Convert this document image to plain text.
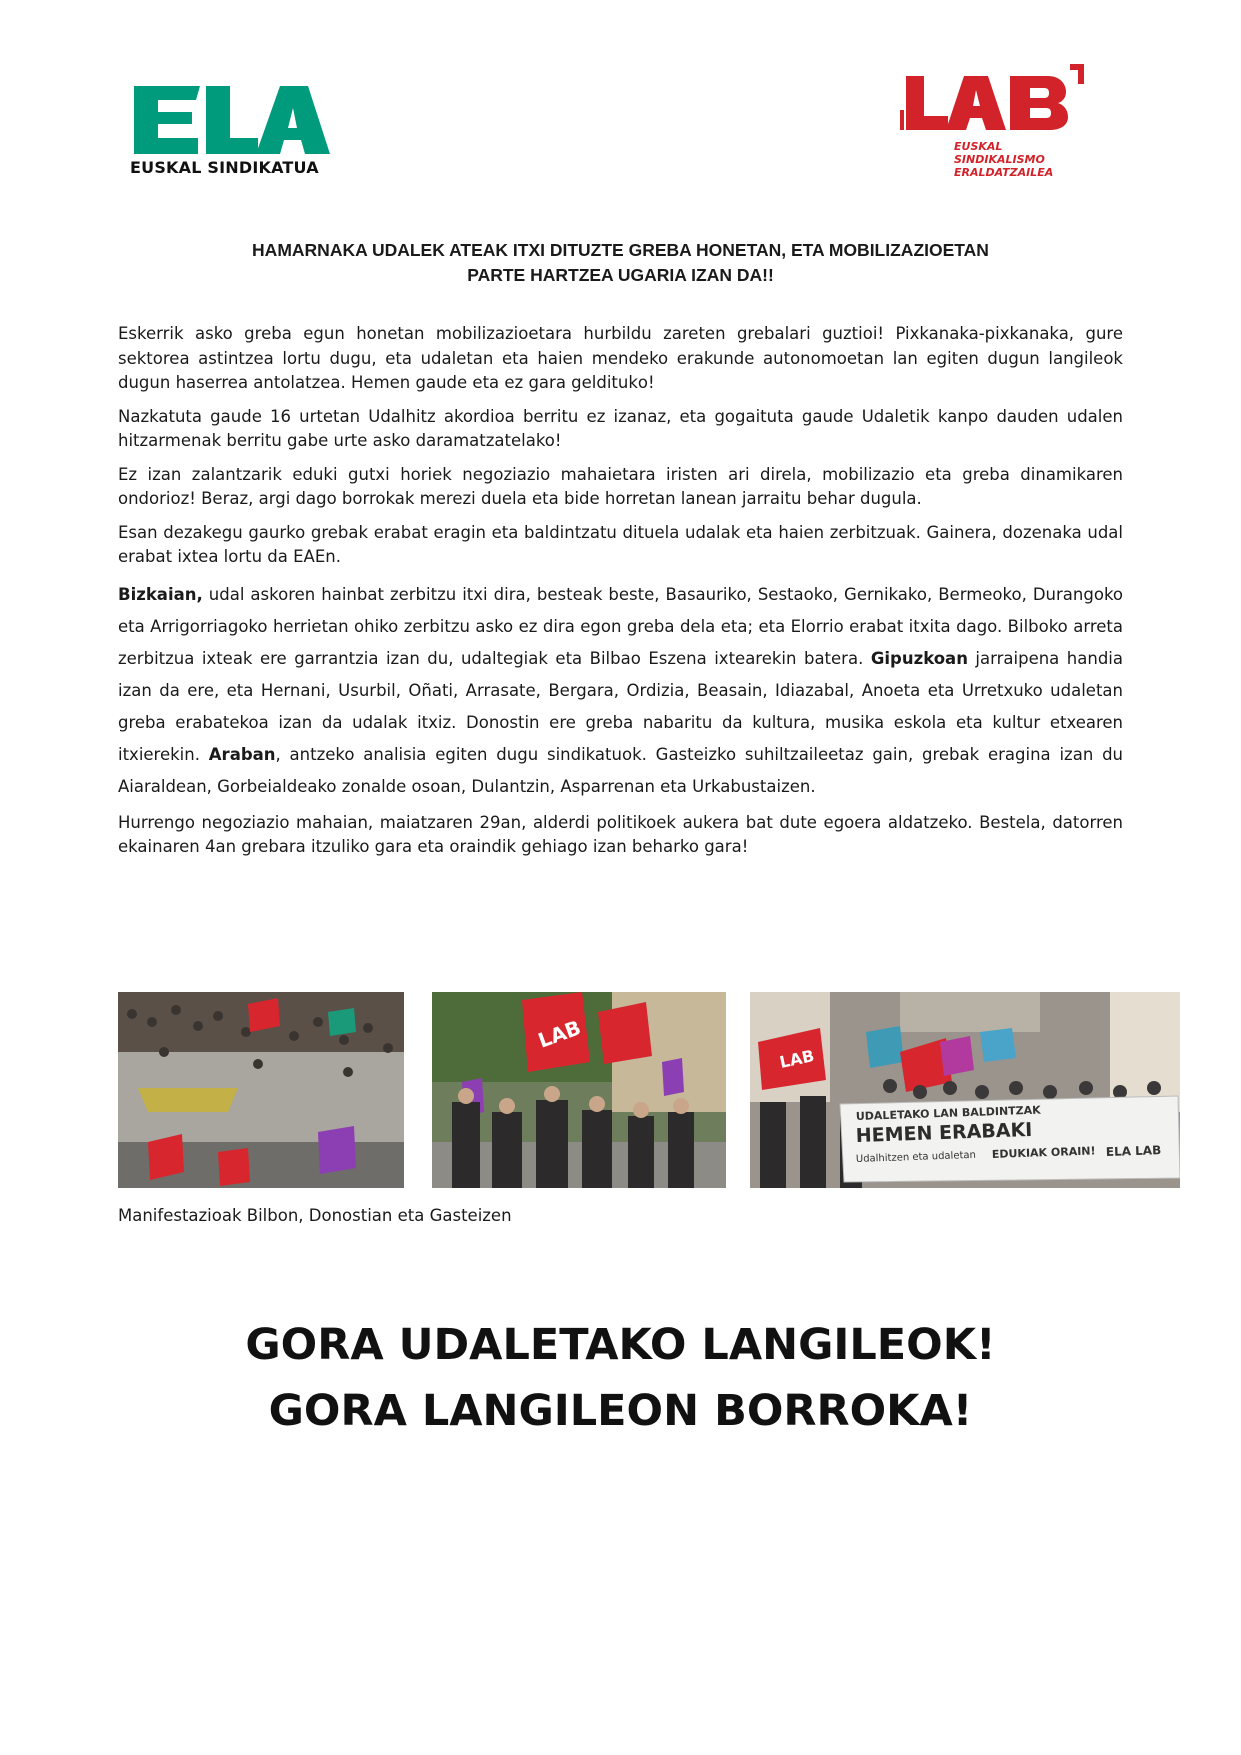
EUSKAL SINDIKATUA
EUSKAL
SINDIKALISMO
ERALDATZAILEA
HAMARNAKA UDALEK ATEAK ITXI DITUZTE GREBA HONETAN, ETA MOBILIZAZIOETAN
PARTE HARTZEA UGARIA IZAN DA!!

Eskerrik asko greba egun honetan mobilizazioetara hurbildu zareten grebalari guztioi! Pixkanaka-pixkanaka, gure sektorea astintzea lortu dugu, eta udaletan eta haien mendeko erakunde autonomoetan lan egiten dugun langileok dugun haserrea antolatzea. Hemen gaude eta ez gara gelditukо!

Nazkatuta gaude 16 urtetan Udalhitz akordioa berritu ez izanaz, eta gogaituta gaude Udaletik kanpo dauden udalen hitzarmenak berritu gabe urte asko daramatzatelako!

Ez izan zalantzarik eduki gutxi horiek negoziazio mahaietara iristen ari direla, mobilizazio eta greba dinamikaren ondorioz! Beraz, argi dago borrokak merezi duela eta bide horretan lanean jarraitu behar dugula.

Esan dezakegu gaurko grebak erabat eragin eta baldintzatu dituela udalak eta haien zerbitzuak. Gainera, dozenaka udal erabat ixtea lortu da EAEn.

Bizkaian, udal askoren hainbat zerbitzu itxi dira, besteak beste, Basauriko, Sestaoko, Gernikako, Bermeoko, Durangoko eta Arrigorriagoko herrietan ohiko zerbitzu asko ez dira egon greba dela eta; eta Elorrio erabat itxita dago. Bilboko arreta zerbitzua ixteak ere garrantzia izan du, udaltegiak eta Bilbao Eszena ixtearekin batera. Gipuzkoan jarraipena handia izan da ere, eta Hernani, Usurbil, Oñati, Arrasate, Bergara, Ordizia, Beasain, Idiazabal, Anoeta eta Urretxuko udaletan greba erabatekoa izan da udalak itxiz. Donostin ere greba nabaritu da kultura, musika eskola eta kultur etxearen itxierekin. Araban, antzeko analisia egiten dugu sindikatuok. Gasteizko suhiltzaileetaz gain, grebak eragina izan du Aiaraldean, Gorbeialdeako zonalde osoan, Dulantzin, Asparrenan eta Urkabustaizen.

Hurrengo negoziazio mahaian, maiatzaren 29an, alderdi politikoek aukera bat dute egoera aldatzeko. Bestela, datorren ekainaren 4an grebara itzuliko gara eta oraindik gehiago izan beharko gara!

LAB
LAB
UDALETAKO LAN BALDINTZAK
HEMEN ERABAKI
Udalhitzen eta udaletan EDUKIAK ORAIN! ELA LAB
Manifestazioak Bilbon, Donostian eta Gasteizen
GORA UDALETAKO LANGILEOK!
GORA LANGILEON BORROKA!
